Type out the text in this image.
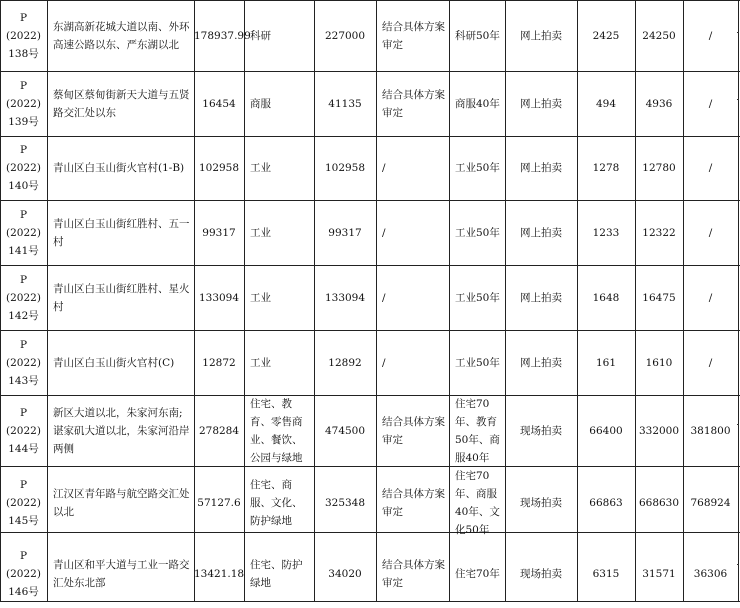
P
(2022)
138号	东湖高新花城大道以南、外环高速公路以东、严东湖以北	178937.99	科研	227000	结合具体方案审定	科研50年	网上拍卖	2425	24250	/	

P
(2022)
139号	蔡甸区蔡甸街新天大道与五贤路交汇处以东	16454	商服	41135	结合具体方案审定	商服40年	网上拍卖	494	4936	/	

P
(2022)
140号	青山区白玉山街火官村(1-B)	102958	工业	102958	/	工业50年	网上拍卖	1278	12780	/	

P
(2022)
141号	青山区白玉山街红胜村、五一村	99317	工业	99317	/	工业50年	网上拍卖	1233	12322	/	

P
(2022)
142号	青山区白玉山街红胜村、星火村	133094	工业	133094	/	工业50年	网上拍卖	1648	16475	/	

P
(2022)
143号	青山区白玉山街火官村(C)	12872	工业	12892	/	工业50年	网上拍卖	161	1610	/	

P
(2022)
144号	新区大道以北，朱家河东南;谌家矶大道以北，朱家河沿岸两侧	278284	住宅、教育、零售商业、餐饮、公园与绿地	474500	结合具体方案审定	住宅70年、教育50年、商服40年	现场拍卖	66400	332000	381800	

P
(2022)
145号	江汉区青年路与航空路交汇处以北	57127.6	住宅、商服、文化、防护绿地	325348	结合具体方案审定	住宅70年、商服40年、文化50年	现场拍卖	66863	668630	768924	

P
(2022)
146号	青山区和平大道与工业一路交汇处东北部	13421.18	住宅、防护绿地	34020	结合具体方案审定	住宅70年	现场拍卖	6315	31571	36306	
